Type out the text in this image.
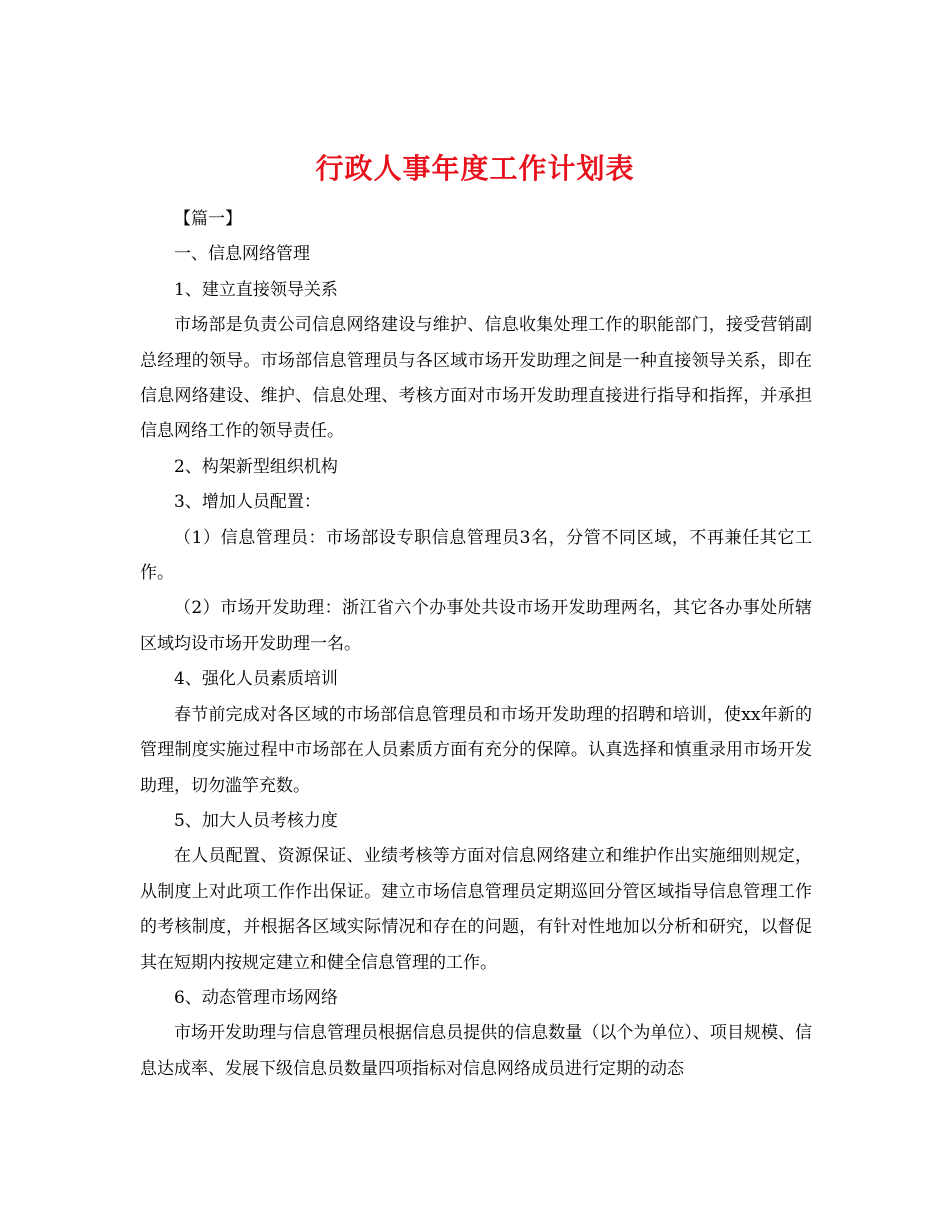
行政人事年度工作计划表

【篇一】

一、信息网络管理

1、建立直接领导关系

市场部是负责公司信息网络建设与维护、信息收集处理工作的职能部门，接受营销副总经理的领导。市场部信息管理员与各区域市场开发助理之间是一种直接领导关系，即在信息网络建设、维护、信息处理、考核方面对市场开发助理直接进行指导和指挥，并承担信息网络工作的领导责任。

2、构架新型组织机构

3、增加人员配置：

（1）信息管理员：市场部设专职信息管理员3名，分管不同区域，不再兼任其它工作。

（2）市场开发助理：浙江省六个办事处共设市场开发助理两名，其它各办事处所辖区域均设市场开发助理一名。

4、强化人员素质培训

春节前完成对各区域的市场部信息管理员和市场开发助理的招聘和培训，使xx年新的管理制度实施过程中市场部在人员素质方面有充分的保障。认真选择和慎重录用市场开发助理，切勿滥竽充数。

5、加大人员考核力度

在人员配置、资源保证、业绩考核等方面对信息网络建立和维护作出实施细则规定，从制度上对此项工作作出保证。建立市场信息管理员定期巡回分管区域指导信息管理工作的考核制度，并根据各区域实际情况和存在的问题，有针对性地加以分析和研究，以督促其在短期内按规定建立和健全信息管理的工作。

6、动态管理市场网络

市场开发助理与信息管理员根据信息员提供的信息数量（以个为单位）、项目规模、信息达成率、发展下级信息员数量四项指标对信息网络成员进行定期的动态
